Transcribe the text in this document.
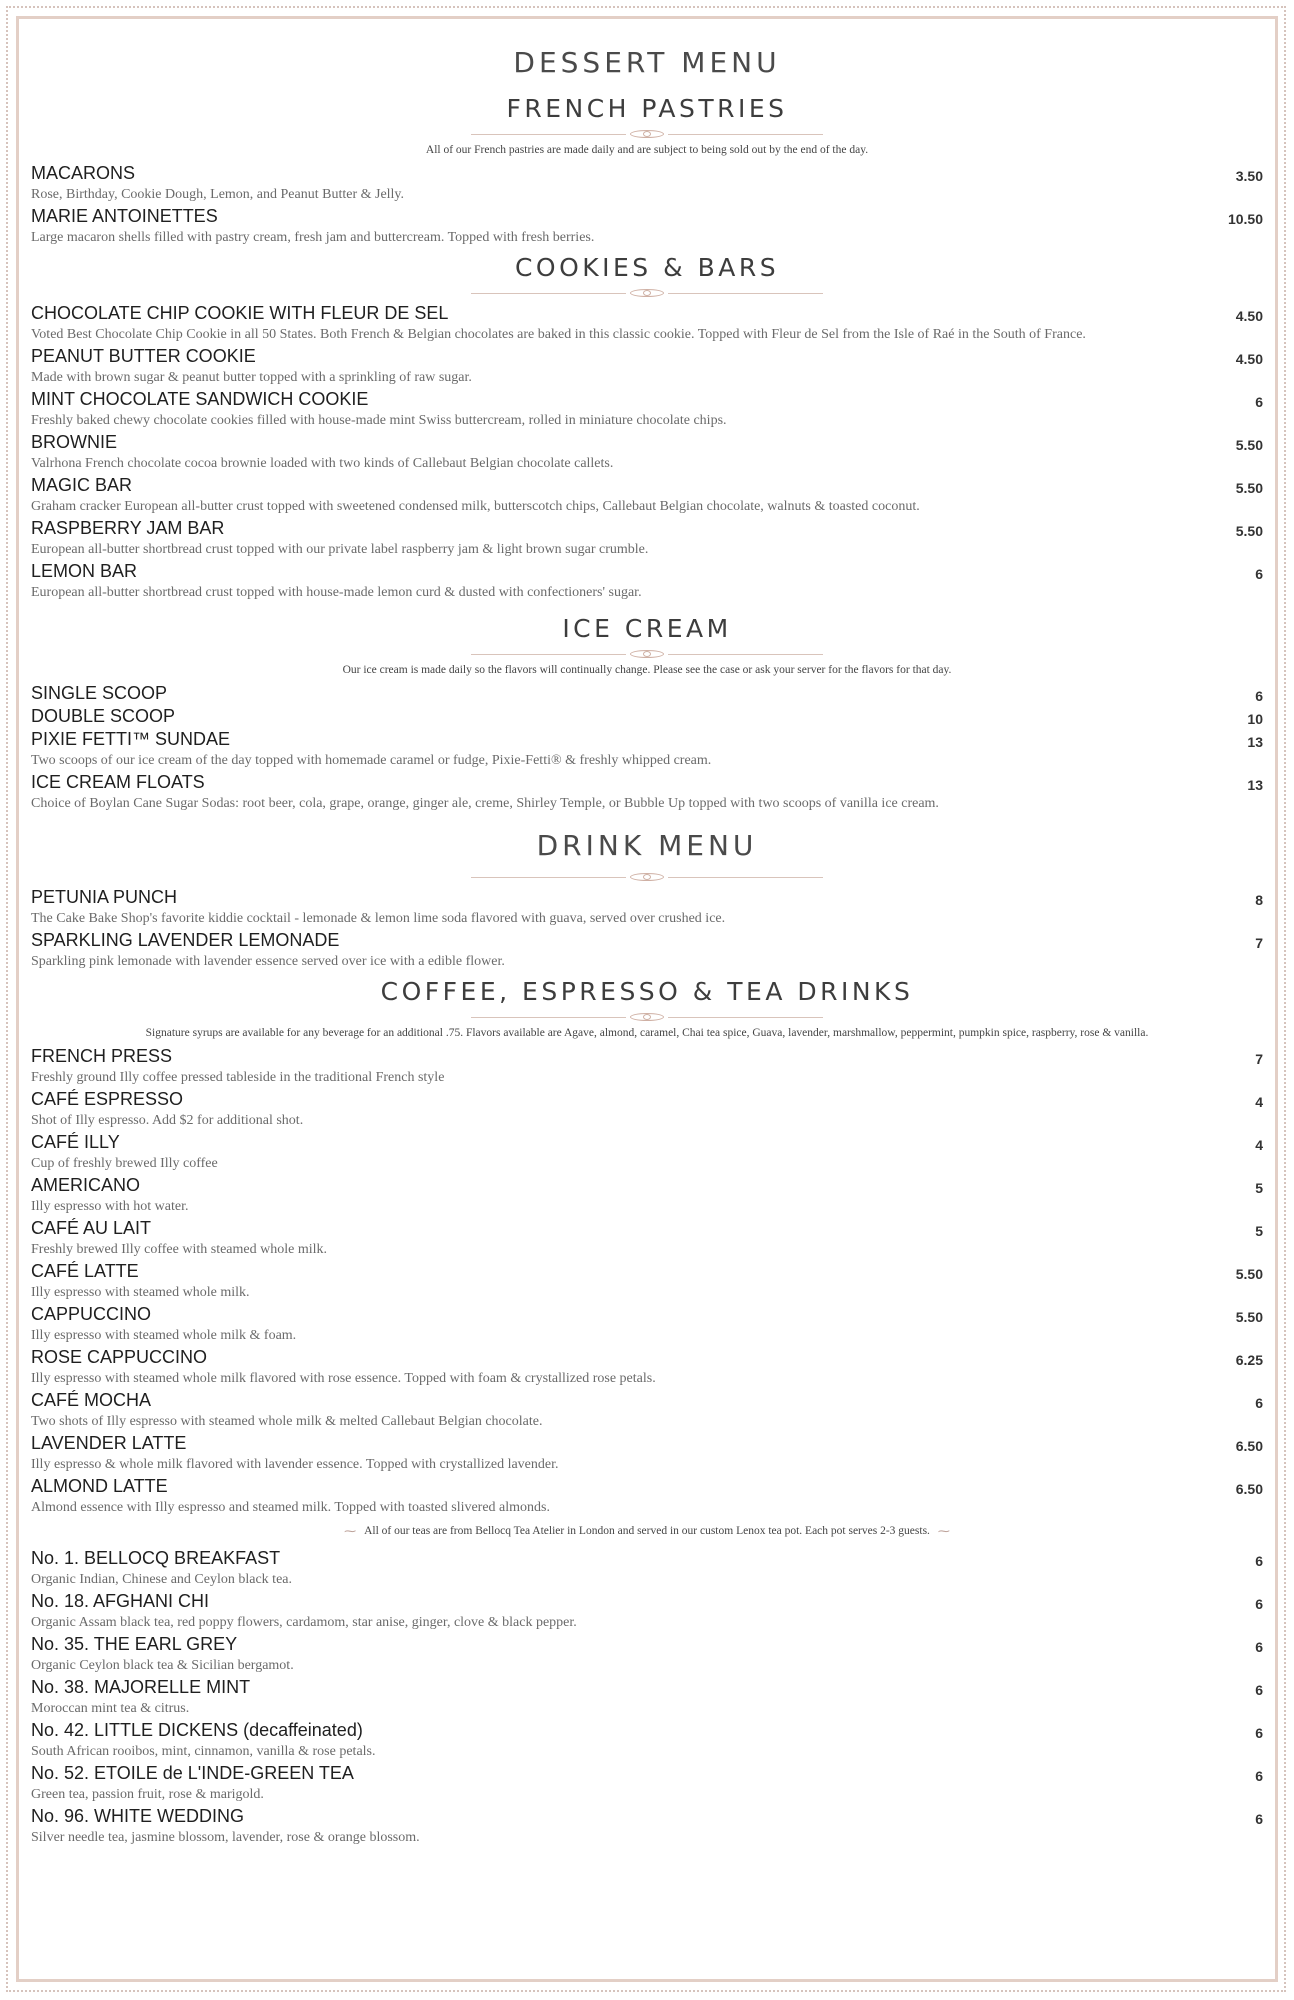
DESSERT MENU
FRENCH PASTRIES
All of our French pastries are made daily and are subject to being sold out by the end of the day.
MACARONS	3.50
Rose, Birthday, Cookie Dough, Lemon, and Peanut Butter & Jelly.
MARIE ANTOINETTES	10.50
Large macaron shells filled with pastry cream, fresh jam and buttercream. Topped with fresh berries.
COOKIES & BARS
CHOCOLATE CHIP COOKIE WITH FLEUR DE SEL	4.50
Voted Best Chocolate Chip Cookie in all 50 States. Both French & Belgian chocolates are baked in this classic cookie. Topped with Fleur de Sel from the Isle of Raé in the South of France.
PEANUT BUTTER COOKIE	4.50
Made with brown sugar & peanut butter topped with a sprinkling of raw sugar.
MINT CHOCOLATE SANDWICH COOKIE	6
Freshly baked chewy chocolate cookies filled with house-made mint Swiss buttercream, rolled in miniature chocolate chips.
BROWNIE	5.50
Valrhona French chocolate cocoa brownie loaded with two kinds of Callebaut Belgian chocolate callets.
MAGIC BAR	5.50
Graham cracker European all-butter crust topped with sweetened condensed milk, butterscotch chips, Callebaut Belgian chocolate, walnuts & toasted coconut.
RASPBERRY JAM BAR	5.50
European all-butter shortbread crust topped with our private label raspberry jam & light brown sugar crumble.
LEMON BAR	6
European all-butter shortbread crust topped with house-made lemon curd & dusted with confectioners' sugar.
ICE CREAM
Our ice cream is made daily so the flavors will continually change. Please see the case or ask your server for the flavors for that day.
SINGLE SCOOP	6
DOUBLE SCOOP	10
PIXIE FETTI™ SUNDAE	13
Two scoops of our ice cream of the day topped with homemade caramel or fudge, Pixie-Fetti® & freshly whipped cream.
ICE CREAM FLOATS	13
Choice of Boylan Cane Sugar Sodas: root beer, cola, grape, orange, ginger ale, creme, Shirley Temple, or Bubble Up topped with two scoops of vanilla ice cream.
DRINK MENU
PETUNIA PUNCH	8
The Cake Bake Shop's favorite kiddie cocktail - lemonade & lemon lime soda flavored with guava, served over crushed ice.
SPARKLING LAVENDER LEMONADE	7
Sparkling pink lemonade with lavender essence served over ice with a edible flower.
COFFEE, ESPRESSO & TEA DRINKS
Signature syrups are available for any beverage for an additional .75. Flavors available are Agave, almond, caramel, Chai tea spice, Guava, lavender, marshmallow, peppermint, pumpkin spice, raspberry, rose & vanilla.
FRENCH PRESS	7
Freshly ground Illy coffee pressed tableside in the traditional French style
CAFÉ ESPRESSO	4
Shot of Illy espresso. Add $2 for additional shot.
CAFÉ ILLY	4
Cup of freshly brewed Illy coffee
AMERICANO	5
Illy espresso with hot water.
CAFÉ AU LAIT	5
Freshly brewed Illy coffee with steamed whole milk.
CAFÉ LATTE	5.50
Illy espresso with steamed whole milk.
CAPPUCCINO	5.50
Illy espresso with steamed whole milk & foam.
ROSE CAPPUCCINO	6.25
Illy espresso with steamed whole milk flavored with rose essence. Topped with foam & crystallized rose petals.
CAFÉ MOCHA	6
Two shots of Illy espresso with steamed whole milk & melted Callebaut Belgian chocolate.
LAVENDER LATTE	6.50
Illy espresso & whole milk flavored with lavender essence. Topped with crystallized lavender.
ALMOND LATTE	6.50
Almond essence with Illy espresso and steamed milk. Topped with toasted slivered almonds.
⁓ All of our teas are from Bellocq Tea Atelier in London and served in our custom Lenox tea pot. Each pot serves 2-3 guests. ⁓
No. 1. BELLOCQ BREAKFAST	6
Organic Indian, Chinese and Ceylon black tea.
No. 18. AFGHANI CHI	6
Organic Assam black tea, red poppy flowers, cardamom, star anise, ginger, clove & black pepper.
No. 35. THE EARL GREY	6
Organic Ceylon black tea & Sicilian bergamot.
No. 38. MAJORELLE MINT	6
Moroccan mint tea & citrus.
No. 42. LITTLE DICKENS (decaffeinated)	6
South African rooibos, mint, cinnamon, vanilla & rose petals.
No. 52. ETOILE de L'INDE-GREEN TEA	6
Green tea, passion fruit, rose & marigold.
No. 96. WHITE WEDDING	6
Silver needle tea, jasmine blossom, lavender, rose & orange blossom.
